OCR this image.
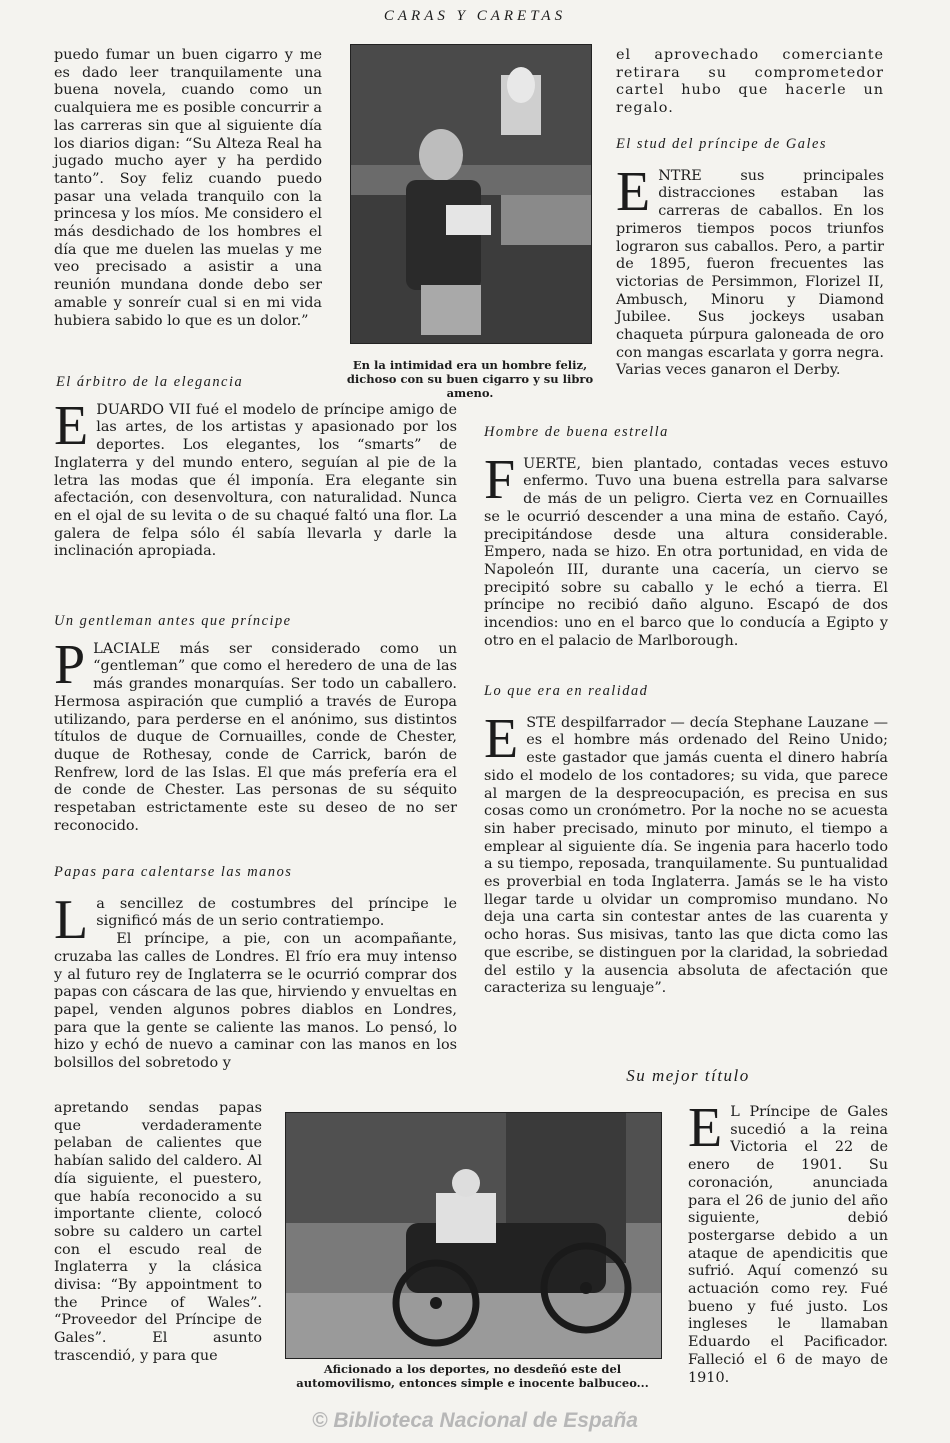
CARAS Y CARETAS

puedo fumar un buen cigarro y me es dado leer tranquilamente una buena novela, cuando como un cualquiera me es posible concurrir a las carreras sin que al siguiente día los diarios digan: “Su Alteza Real ha jugado mucho ayer y ha perdido tanto”. Soy feliz cuando puedo pasar una velada tranquilo con la princesa y los míos. Me considero el más desdichado de los hombres el día que me duelen las muelas y me veo precisado a asistir a una reunión mundana donde debo ser amable y sonreír cual si en mi vida hubiera sabido lo que es un dolor.”

En la intimidad era un hombre feliz, dichoso con su buen cigarro y su libro ameno.

el aprovechado comerciante retirara su comprometedor cartel hubo que hacerle un regalo.

El stud del príncipe de Gales

ENTRE sus principales distracciones estaban las carreras de caballos. En los primeros tiempos pocos triunfos lograron sus caballos. Pero, a partir de 1895, fueron frecuentes las victorias de Persimmon, Florizel II, Ambusch, Minoru y Diamond Jubilee. Sus jockeys usaban chaqueta púrpura galoneada de oro con mangas escarlata y gorra negra. Varias veces ganaron el Derby.

El árbitro de la elegancia

EDUARDO VII fué el modelo de príncipe amigo de las artes, de los artistas y apasionado por los deportes. Los elegantes, los “smarts” de Inglaterra y del mundo entero, seguían al pie de la letra las modas que él imponía. Era elegante sin afectación, con desenvoltura, con naturalidad. Nunca en el ojal de su levita o de su chaqué faltó una flor. La galera de felpa sólo él sabía llevarla y darle la inclinación apropiada.

Un gentleman antes que príncipe

PLACIALE más ser considerado como un “gentleman” que como el heredero de una de las más grandes monarquías. Ser todo un caballero. Hermosa aspiración que cumplió a través de Europa utilizando, para perderse en el anónimo, sus distintos títulos de duque de Cornuailles, conde de Chester, duque de Rothesay, conde de Carrick, barón de Renfrew, lord de las Islas. El que más prefería era el de conde de Chester. Las personas de su séquito respetaban estrictamente este su deseo de no ser reconocido.

Papas para calentarse las manos

La sencillez de costumbres del príncipe le significó más de un serio contratiempo.

El príncipe, a pie, con un acompañante, cruzaba las calles de Londres. El frío era muy intenso y al futuro rey de Inglaterra se le ocurrió comprar dos papas con cáscara de las que, hirviendo y envueltas en papel, venden algunos pobres diablos en Londres, para que la gente se caliente las manos. Lo pensó, lo hizo y echó de nuevo a caminar con las manos en los bolsillos del sobretodo y

apretando sendas papas que verdaderamente pelaban de calientes que habían salido del caldero. Al día siguiente, el puestero, que había reconocido a su importante cliente, colocó sobre su caldero un cartel con el escudo real de Inglaterra y la clásica divisa: “By appointment to the Prince of Wales”. “Proveedor del Príncipe de Gales”. El asunto trascendió, y para que

Hombre de buena estrella

FUERTE, bien plantado, contadas veces estuvo enfermo. Tuvo una buena estrella para salvarse de más de un peligro. Cierta vez en Cornuailles se le ocurrió descender a una mina de estaño. Cayó, precipitándose desde una altura considerable. Empero, nada se hizo. En otra portunidad, en vida de Napoleón III, durante una cacería, un ciervo se precipitó sobre su caballo y le echó a tierra. El príncipe no recibió daño alguno. Escapó de dos incendios: uno en el barco que lo conducía a Egipto y otro en el palacio de Marlborough.

Lo que era en realidad

ESTE despilfarrador — decía Stephane Lauzane — es el hombre más ordenado del Reino Unido; este gastador que jamás cuenta el dinero habría sido el modelo de los contadores; su vida, que parece al margen de la despreocupación, es precisa en sus cosas como un cronómetro. Por la noche no se acuesta sin haber precisado, minuto por minuto, el tiempo a emplear al siguiente día. Se ingenia para hacerlo todo a su tiempo, reposada, tranquilamente. Su puntualidad es proverbial en toda Inglaterra. Jamás se le ha visto llegar tarde u olvidar un compromiso mundano. No deja una carta sin contestar antes de las cuarenta y ocho horas. Sus misivas, tanto las que dicta como las que escribe, se distinguen por la claridad, la sobriedad del estilo y la ausencia absoluta de afectación que caracteriza su lenguaje”.

Aficionado a los deportes, no desdeñó este del automovilismo, entonces simple e inocente balbuceo...

Su mejor título

E L Príncipe de Gales sucedió a la reina Victoria el 22 de enero de 1901. Su coronación, anunciada para el 26 de junio del año siguiente, debió postergarse debido a un ataque de apendicitis que sufrió. Aquí comenzó su actuación como rey. Fué bueno y fué justo. Los ingleses le llamaban Eduardo el Pacificador. Falleció el 6 de mayo de 1910.

© Biblioteca Nacional de España
